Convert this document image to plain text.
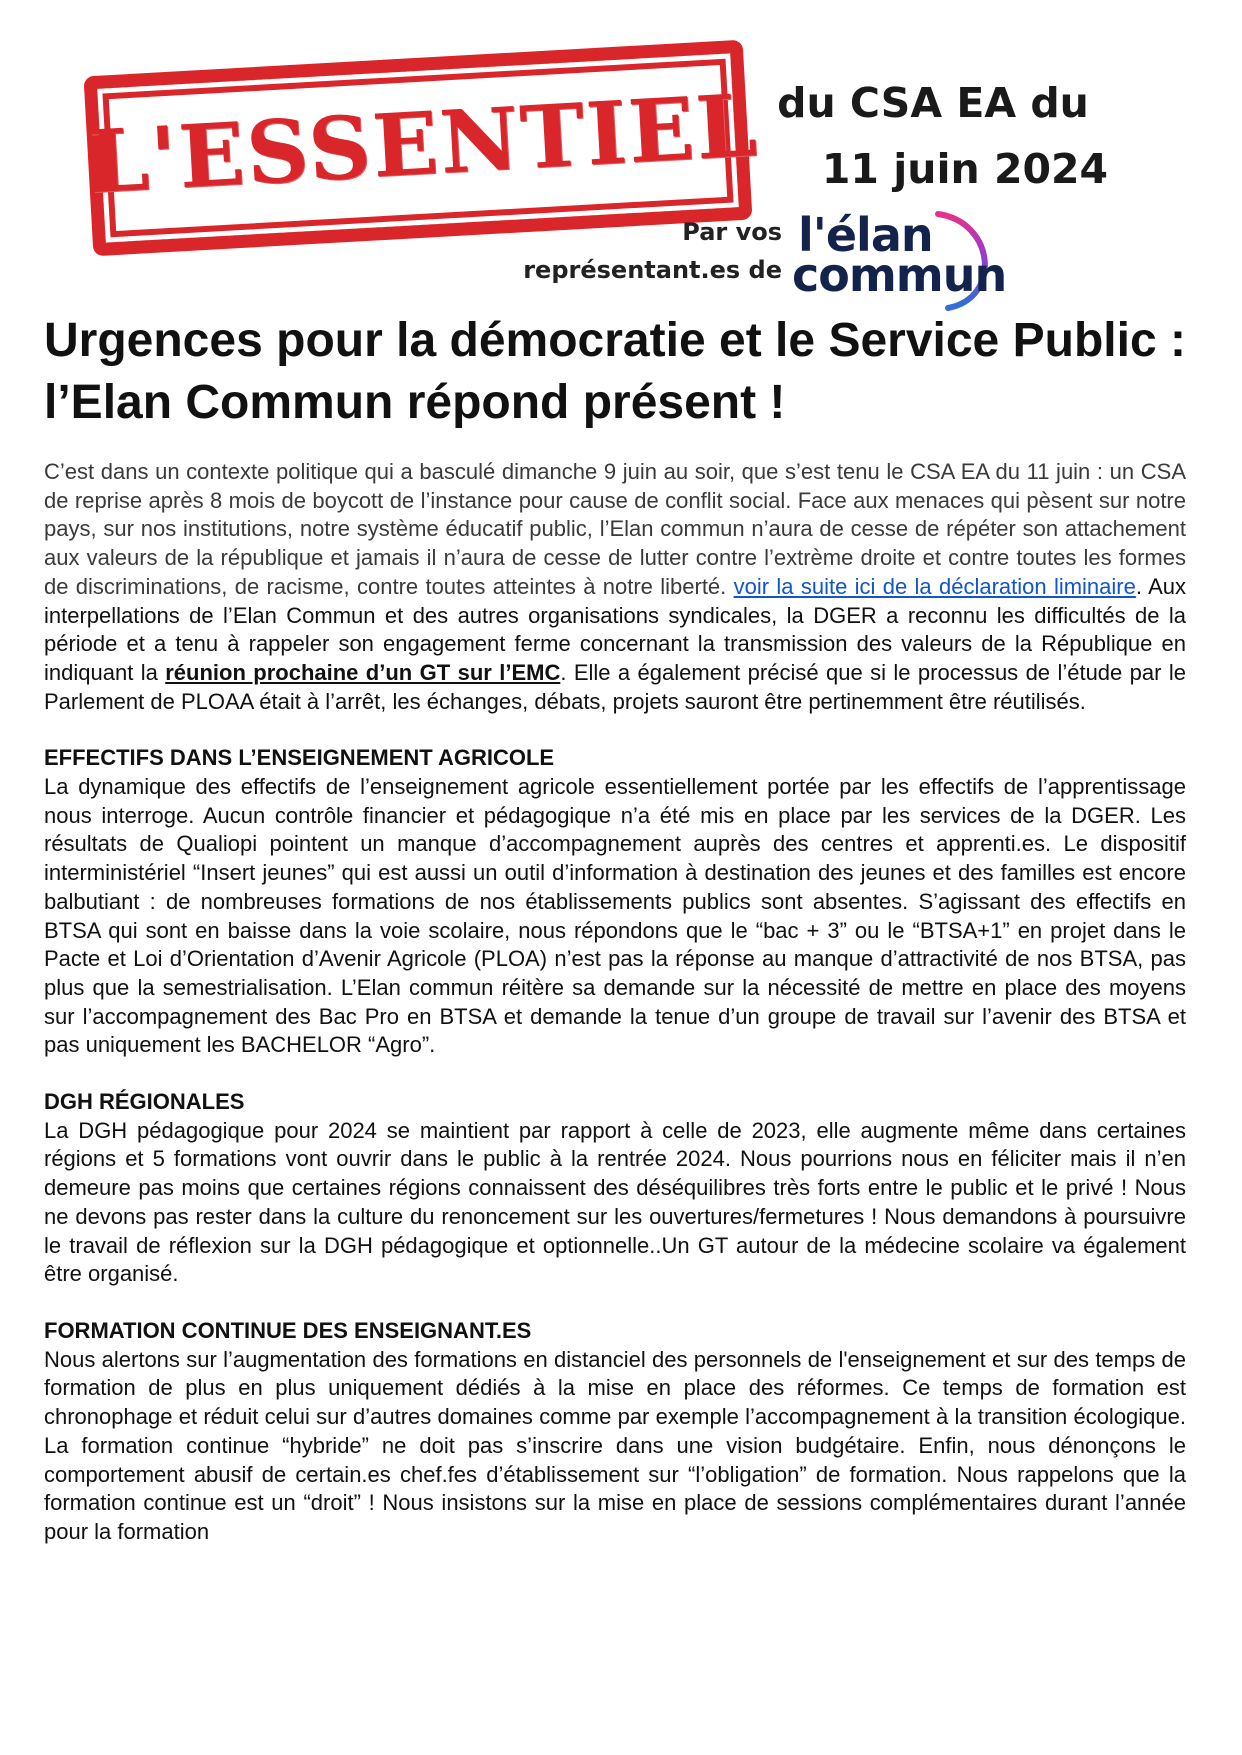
L'ESSENTIEL du CSA EA du
11 juin 2024
Par vos
représentant.es de
l'élan
commun
Urgences pour la démocratie et le Service Public : l’Elan Commun répond présent !

C’est dans un contexte politique qui a basculé dimanche 9 juin au soir, que s’est tenu le CSA EA du 11 juin : un CSA de reprise après 8 mois de boycott de l’instance pour cause de conflit social. Face aux menaces qui pèsent sur notre pays, sur nos institutions, notre système éducatif public, l’Elan commun n’aura de cesse de répéter son attachement aux valeurs de la république et jamais il n’aura de cesse de lutter contre l’extrème droite et contre toutes les formes de discriminations, de racisme, contre toutes atteintes à notre liberté. voir la suite ici de la déclaration liminaire. Aux interpellations de l’Elan Commun et des autres organisations syndicales, la DGER a reconnu les difficultés de la période et a tenu à rappeler son engagement ferme concernant la transmission des valeurs de la République en indiquant la réunion prochaine d’un GT sur l’EMC. Elle a également précisé que si le processus de l’étude par le Parlement de PLOAA était à l’arrêt, les échanges, débats, projets sauront être pertinemment être réutilisés.

EFFECTIFS DANS L’ENSEIGNEMENT AGRICOLE

La dynamique des effectifs de l’enseignement agricole essentiellement portée par les effectifs de l’apprentissage nous interroge. Aucun contrôle financier et pédagogique n’a été mis en place par les services de la DGER. Les résultats de Qualiopi pointent un manque d’accompagnement auprès des centres et apprenti.es. Le dispositif interministériel “Insert jeunes” qui est aussi un outil d’information à destination des jeunes et des familles est encore balbutiant : de nombreuses formations de nos établissements publics sont absentes. S’agissant des effectifs en BTSA qui sont en baisse dans la voie scolaire, nous répondons que le “bac + 3” ou le “BTSA+1” en projet dans le Pacte et Loi d’Orientation d’Avenir Agricole (PLOA) n’est pas la réponse au manque d’attractivité de nos BTSA, pas plus que la semestrialisation. L’Elan commun réitère sa demande sur la nécessité de mettre en place des moyens sur l’accompagnement des Bac Pro en BTSA et demande la tenue d’un groupe de travail sur l’avenir des BTSA et pas uniquement les BACHELOR “Agro”.

DGH RÉGIONALES

La DGH pédagogique pour 2024 se maintient par rapport à celle de 2023, elle augmente même dans certaines régions et 5 formations vont ouvrir dans le public à la rentrée 2024. Nous pourrions nous en féliciter mais il n’en demeure pas moins que certaines régions connaissent des déséquilibres très forts entre le public et le privé ! Nous ne devons pas rester dans la culture du renoncement sur les ouvertures/fermetures ! Nous demandons à poursuivre le travail de réflexion sur la DGH pédagogique et optionnelle..Un GT autour de la médecine scolaire va également être organisé.

FORMATION CONTINUE DES ENSEIGNANT.ES

Nous alertons sur l’augmentation des formations en distanciel des personnels de l'enseignement et sur des temps de formation de plus en plus uniquement dédiés à la mise en place des réformes. Ce temps de formation est chronophage et réduit celui sur d’autres domaines comme par exemple l’accompagnement à la transition écologique. La formation continue “hybride” ne doit pas s’inscrire dans une vision budgétaire. Enfin, nous dénonçons le comportement abusif de certain.es chef.fes d’établissement sur “l’obligation” de formation. Nous rappelons que la formation continue est un “droit” ! Nous insistons sur la mise en place de sessions complémentaires durant l’année pour la formation
